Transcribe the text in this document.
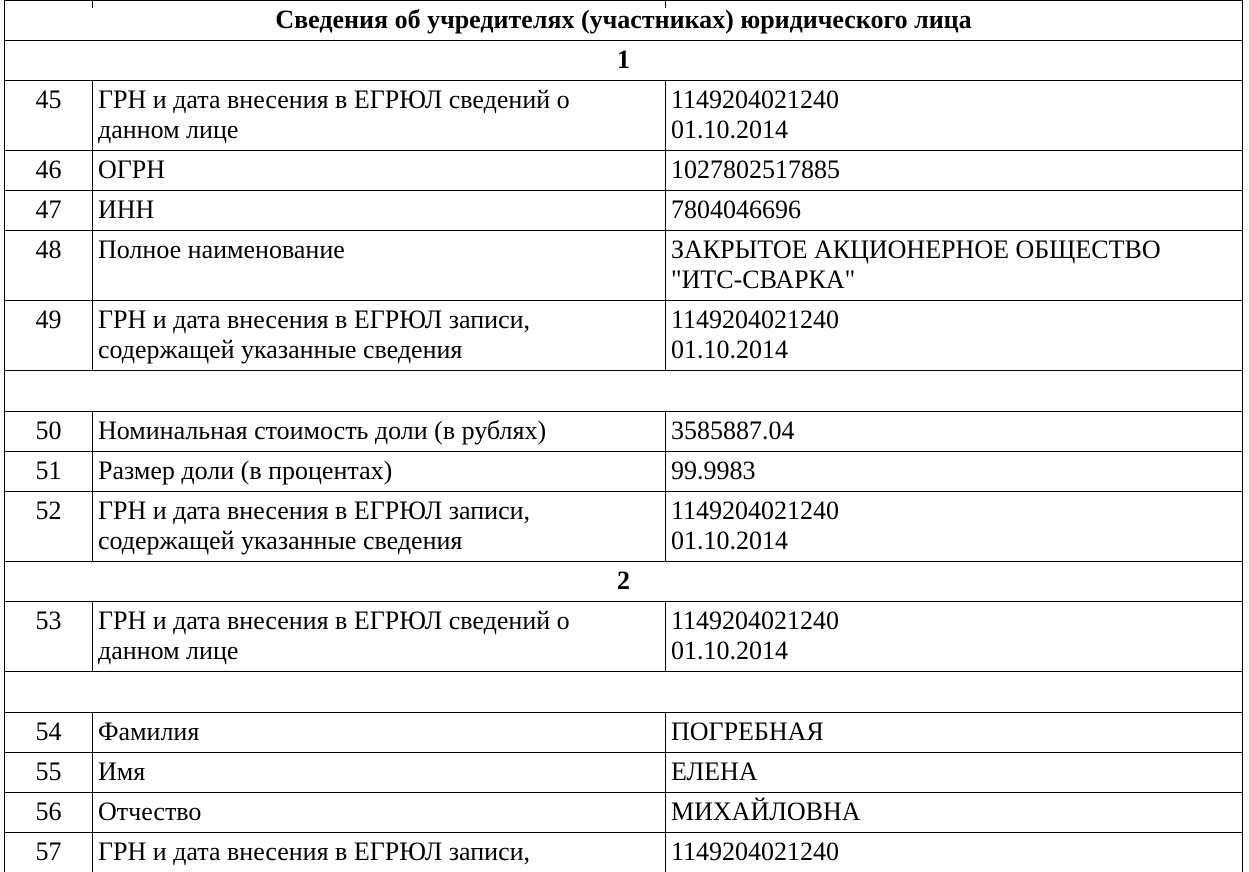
Сведения об учредителях (участниках) юридического лица		
1		
45	ГРН и дата внесения в ЕГРЮЛ сведений о
данном лице	1149204021240
01.10.2014
46	ОГРН	1027802517885
47	ИНН	7804046696
48	Полное наименование	ЗАКРЫТОЕ АКЦИОНЕРНОЕ ОБЩЕСТВО
"ИТС-СВАРКА"
49	ГРН и дата внесения в ЕГРЮЛ записи,
содержащей указанные сведения	1149204021240
01.10.2014

50	Номинальная стоимость доли (в рублях)	3585887.04
51	Размер доли (в процентах)	99.9983
52	ГРН и дата внесения в ЕГРЮЛ записи,
содержащей указанные сведения	1149204021240
01.10.2014
2		
53	ГРН и дата внесения в ЕГРЮЛ сведений о
данном лице	1149204021240
01.10.2014

54	Фамилия	ПОГРЕБНАЯ
55	Имя	ЕЛЕНА
56	Отчество	МИХАЙЛОВНА
57	ГРН и дата внесения в ЕГРЮЛ записи,	1149204021240
